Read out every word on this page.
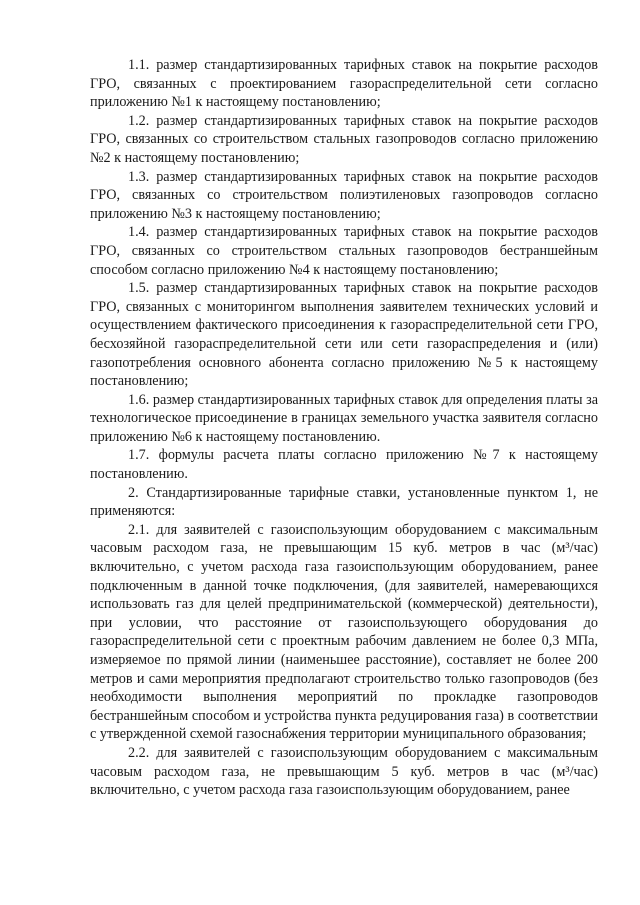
1.1. размер стандартизированных тарифных ставок на покрытие расходов ГРО, связанных с проектированием газораспределительной сети согласно приложению №1 к настоящему постановлению;

1.2. размер стандартизированных тарифных ставок на покрытие расходов ГРО, связанных со строительством стальных газопроводов согласно приложению №2 к настоящему постановлению;

1.3. размер стандартизированных тарифных ставок на покрытие расходов ГРО, связанных со строительством полиэтиленовых газопроводов согласно приложению №3 к настоящему постановлению;

1.4. размер стандартизированных тарифных ставок на покрытие расходов ГРО, связанных со строительством стальных газопроводов бестраншейным способом согласно приложению №4 к настоящему постановлению;

1.5. размер стандартизированных тарифных ставок на покрытие расходов ГРО, связанных с мониторингом выполнения заявителем технических условий и осуществлением фактического присоединения к газораспределительной сети ГРО, бесхозяйной газораспределительной сети или сети газораспределения и (или) газопотребления основного абонента согласно приложению №5 к настоящему постановлению;

1.6. размер стандартизированных тарифных ставок для определения платы за технологическое присоединение в границах земельного участка заявителя согласно приложению №6 к настоящему постановлению.

1.7. формулы расчета платы согласно приложению №7 к настоящему постановлению.

2. Стандартизированные тарифные ставки, установленные пунктом 1, не применяются:

2.1. для заявителей с газоиспользующим оборудованием с максимальным часовым расходом газа, не превышающим 15 куб. метров в час (м³/час) включительно, с учетом расхода газа газоиспользующим оборудованием, ранее подключенным в данной точке подключения, (для заявителей, намеревающихся использовать газ для целей предпринимательской (коммерческой) деятельности), при условии, что расстояние от газоиспользующего оборудования до газораспределительной сети с проектным рабочим давлением не более 0,3 МПа, измеряемое по прямой линии (наименьшее расстояние), составляет не более 200 метров и сами мероприятия предполагают строительство только газопроводов (без необходимости выполнения мероприятий по прокладке газопроводов бестраншейным способом и устройства пункта редуцирования газа) в соответствии с утвержденной схемой газоснабжения территории муниципального образования;

2.2. для заявителей с газоиспользующим оборудованием с максимальным часовым расходом газа, не превышающим 5 куб. метров в час (м³/час) включительно, с учетом расхода газа газоиспользующим оборудованием, ранее
